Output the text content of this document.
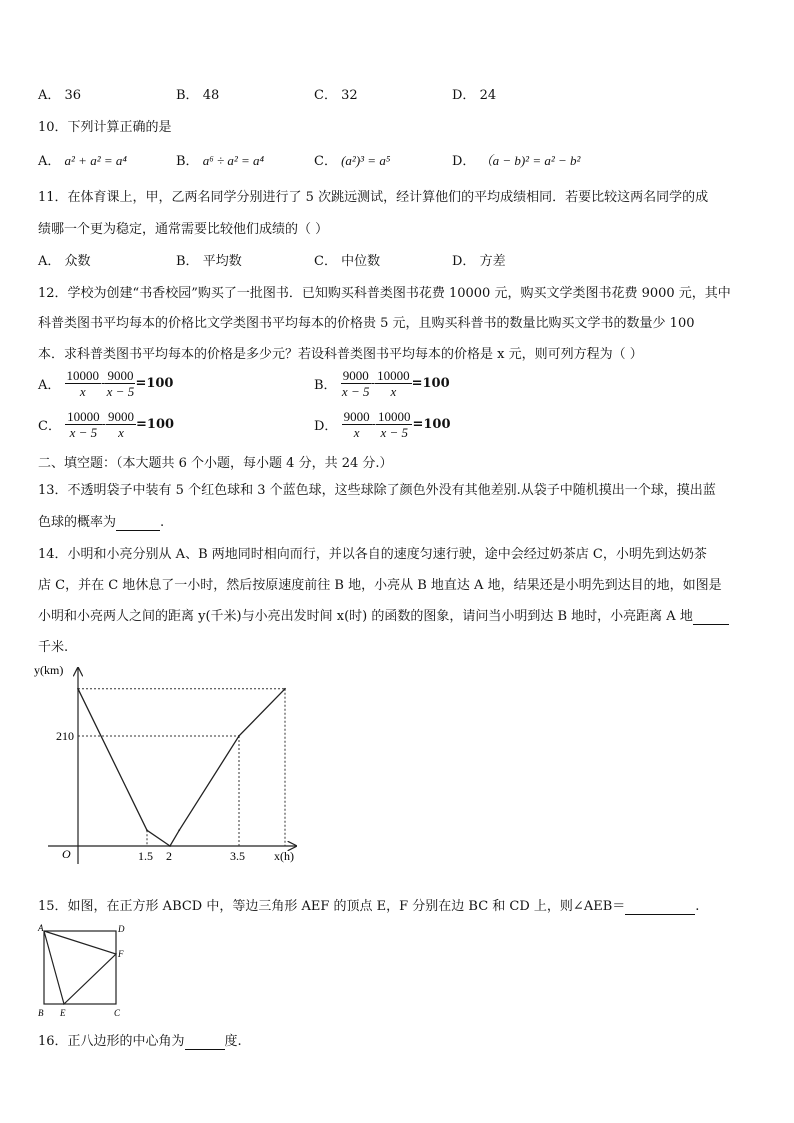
A． 36	B． 48	C． 32	D． 24
10．下列计算正确的是
A． a² + a² = a⁴	B． a⁶ ÷ a² = a⁴	C． (a²)³ = a⁵	D． （a − b)² = a² − b²
11．在体育课上，甲，乙两名同学分别进行了 5 次跳远测试，经计算他们的平均成绩相同．若要比较这两名同学的成
绩哪一个更为稳定，通常需要比较他们成绩的（ ）
A． 众数	B． 平均数	C． 中位数	D． 方差
12．学校为创建“书香校园”购买了一批图书．已知购买科普类图书花费 10000 元，购买文学类图书花费 9000 元，其中
科普类图书平均每本的价格比文学类图书平均每本的价格贵 5 元，且购买科普书的数量比购买文学书的数量少 100
本．求科普类图书平均每本的价格是多少元？若设科普类图书平均每本的价格是 x 元，则可列方程为（ ）
A． $\frac{10000}{x} - \frac{9000}{x - 5} =100$	B． $\frac{9000}{x - 5} - \frac{10000}{x} =100$
C． $\frac{10000}{x - 5} - \frac{9000}{x} =100$	D． $\frac{9000}{x} - \frac{10000}{x - 5} =100$
二、填空题：（本大题共 6 个小题，每小题 4 分，共 24 分.）
13．不透明袋子中装有 5 个红色球和 3 个蓝色球，这些球除了颜色外没有其他差别.从袋子中随机摸出一个球，摸出蓝
色球的概率为	.
14．小明和小亮分别从 A、B 两地同时相向而行，并以各自的速度匀速行驶，途中会经过奶茶店 C，小明先到达奶茶
店 C，并在 C 地休息了一小时，然后按原速度前往 B 地，小亮从 B 地直达 A 地，结果还是小明先到达目的地，如图是
小明和小亮两人之间的距离 y(千米)与小亮出发时间 x(时) 的函数的图象，请问当小明到达 B 地时，小亮距离 A 地
千米.
y(km)
x(h)
O	1.5 2	3.5
210
15．如图，在正方形 ABCD 中，等边三角形 AEF 的顶点 E，F 分别在边 BC 和 CD 上，则∠AEB＝	.
A	D
F
B E	C
16．正八边形的中心角为	度.
